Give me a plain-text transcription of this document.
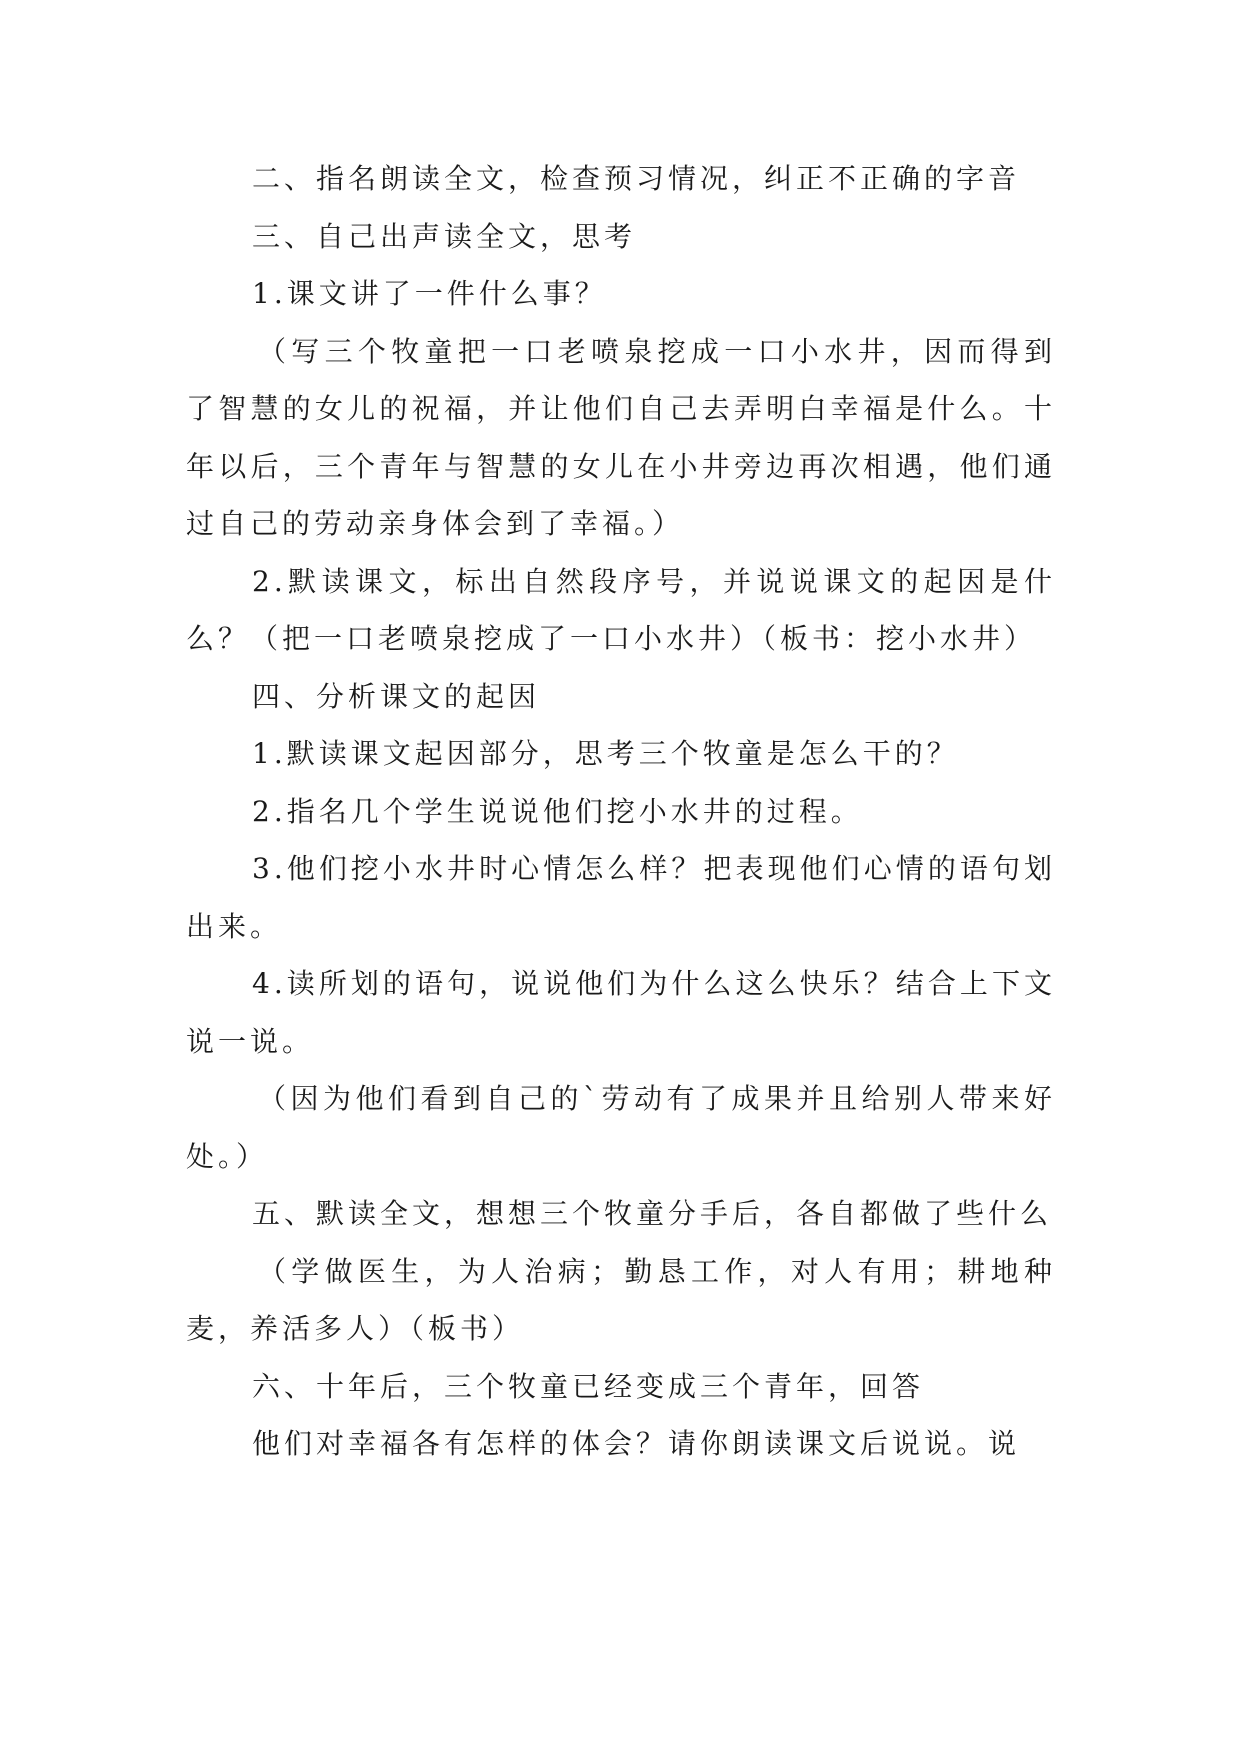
二、指名朗读全文，检查预习情况，纠正不正确的字音

三、自己出声读全文，思考

1.课文讲了一件什么事？

（写三个牧童把一口老喷泉挖成一口小水井，因而得到了智慧的女儿的祝福，并让他们自己去弄明白幸福是什么。十年以后，三个青年与智慧的女儿在小井旁边再次相遇，他们通过自己的劳动亲身体会到了幸福。）

2.默读课文，标出自然段序号，并说说课文的起因是什么？（把一口老喷泉挖成了一口小水井）（板书：挖小水井）

四、分析课文的起因

1.默读课文起因部分，思考三个牧童是怎么干的？

2.指名几个学生说说他们挖小水井的过程。

3.他们挖小水井时心情怎么样？把表现他们心情的语句划出来。

4.读所划的语句，说说他们为什么这么快乐？结合上下文说一说。

（因为他们看到自己的`劳动有了成果并且给别人带来好处。）

五、默读全文，想想三个牧童分手后，各自都做了些什么

（学做医生，为人治病；勤恳工作，对人有用；耕地种麦，养活多人）（板书）

六、十年后，三个牧童已经变成三个青年，回答

他们对幸福各有怎样的体会？请你朗读课文后说说。说
